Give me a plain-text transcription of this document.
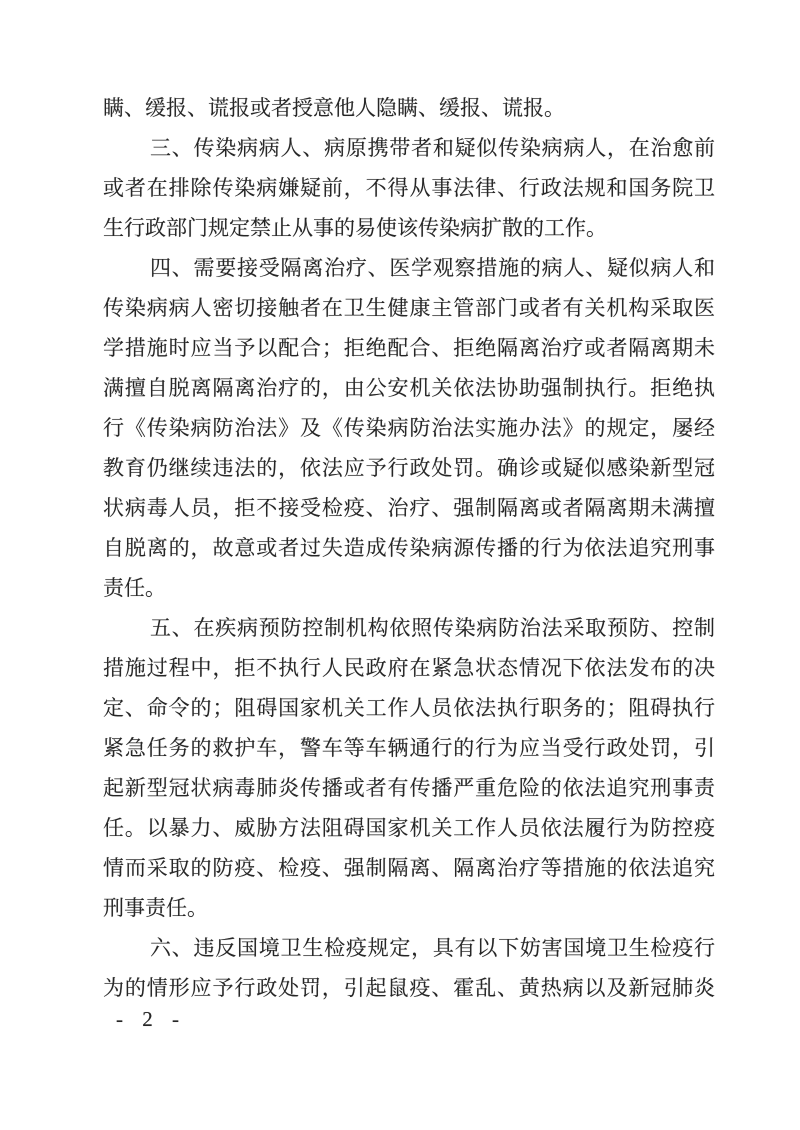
瞒、缓报、谎报或者授意他人隐瞒、缓报、谎报。
三、传染病病人、病原携带者和疑似传染病病人，在治愈前
或者在排除传染病嫌疑前，不得从事法律、行政法规和国务院卫
生行政部门规定禁止从事的易使该传染病扩散的工作。
四、需要接受隔离治疗、医学观察措施的病人、疑似病人和
传染病病人密切接触者在卫生健康主管部门或者有关机构采取医
学措施时应当予以配合；拒绝配合、拒绝隔离治疗或者隔离期未
满擅自脱离隔离治疗的，由公安机关依法协助强制执行。拒绝执
行《传染病防治法》及《传染病防治法实施办法》的规定，屡经
教育仍继续违法的，依法应予行政处罚。确诊或疑似感染新型冠
状病毒人员，拒不接受检疫、治疗、强制隔离或者隔离期未满擅
自脱离的，故意或者过失造成传染病源传播的行为依法追究刑事
责任。
五、在疾病预防控制机构依照传染病防治法采取预防、控制
措施过程中，拒不执行人民政府在紧急状态情况下依法发布的决
定、命令的；阻碍国家机关工作人员依法执行职务的；阻碍执行
紧急任务的救护车，警车等车辆通行的行为应当受行政处罚，引
起新型冠状病毒肺炎传播或者有传播严重危险的依法追究刑事责
任。以暴力、威胁方法阻碍国家机关工作人员依法履行为防控疫
情而采取的防疫、检疫、强制隔离、隔离治疗等措施的依法追究
刑事责任。
六、违反国境卫生检疫规定，具有以下妨害国境卫生检疫行
为的情形应予行政处罚，引起鼠疫、霍乱、黄热病以及新冠肺炎
- 2 -
